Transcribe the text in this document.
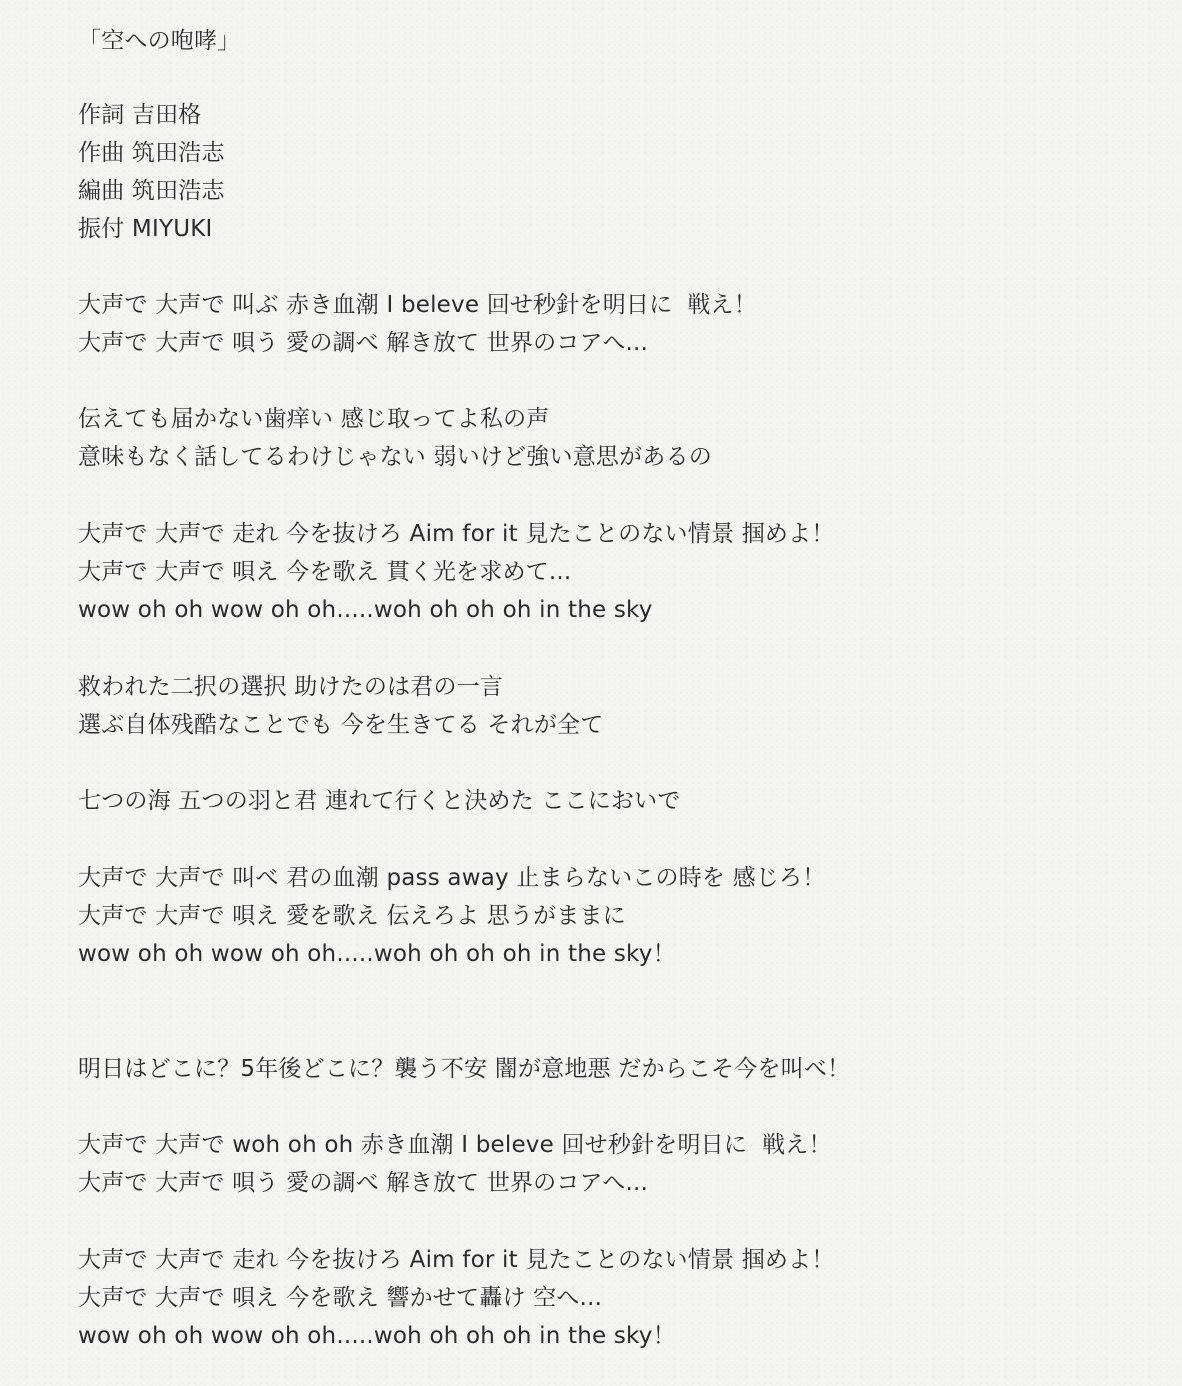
「空への咆哮」
作詞 吉田格
作曲 筑田浩志
編曲 筑田浩志
振付 MIYUKI
大声で 大声で 叫ぶ 赤き血潮 I beleve 回せ秒針を明日に  戦え！
大声で 大声で 唄う 愛の調べ 解き放て 世界のコアへ...
伝えても届かない歯痒い 感じ取ってよ私の声
意味もなく話してるわけじゃない 弱いけど強い意思があるの
大声で 大声で 走れ 今を抜けろ Aim for it 見たことのない情景 掴めよ！
大声で 大声で 唄え 今を歌え 貫く光を求めて...
wow oh oh wow oh oh.....woh oh oh oh in the sky
救われた二択の選択 助けたのは君の一言
選ぶ自体残酷なことでも 今を生きてる それが全て
七つの海 五つの羽と君 連れて行くと決めた ここにおいで
大声で 大声で 叫べ 君の血潮 pass away 止まらないこの時を 感じろ！
大声で 大声で 唄え 愛を歌え 伝えろよ 思うがままに
wow oh oh wow oh oh.....woh oh oh oh in the sky！
明日はどこに？5年後どこに？襲う不安 闇が意地悪 だからこそ今を叫べ！
大声で 大声で woh oh oh 赤き血潮 I beleve 回せ秒針を明日に  戦え！
大声で 大声で 唄う 愛の調べ 解き放て 世界のコアへ...
大声で 大声で 走れ 今を抜けろ Aim for it 見たことのない情景 掴めよ！
大声で 大声で 唄え 今を歌え 響かせて轟け 空へ...
wow oh oh wow oh oh.....woh oh oh oh in the sky！
